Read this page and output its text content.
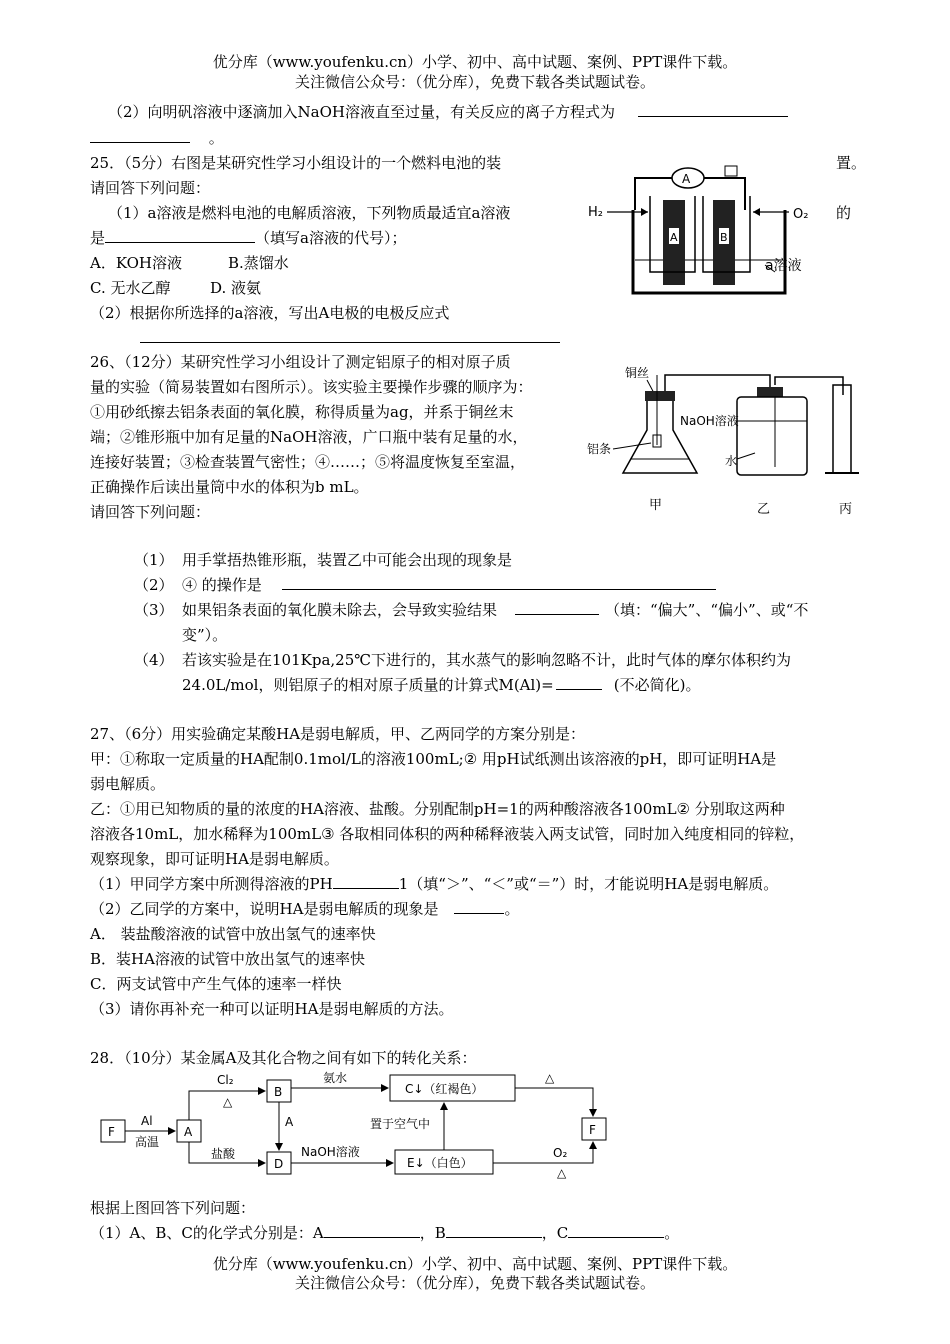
优分库（www.youfenku.cn）小学、初中、高中试题、案例、PPT课件下载。
关注微信公众号：（优分库），免费下载各类试题试卷。
（2）向明矾溶液中逐滴加入NaOH溶液直至过量，有关反应的离子方程式为
。
25．（5分）右图是某研究性学习小组设计的一个燃料电池的装	置。
请回答下列问题：
（1）a溶液是燃料电池的电解质溶液，下列物质最适宜a溶液	的
是	（填写a溶液的代号）；
A．KOH溶液	B.蒸馏水
C. 无水乙醇	D. 液氨
（2）根据你所选择的a溶液，写出A电极的电极反应式
A
A	B
H₂	O₂
a溶液
26、（12分）某研究性学习小组设计了测定铝原子的相对原子质
量的实验（简易装置如右图所示）。该实验主要操作步骤的顺序为：
①用砂纸擦去铝条表面的氧化膜，称得质量为ag，并系于铜丝末
端；②锥形瓶中加有足量的NaOH溶液，广口瓶中装有足量的水，
连接好装置；③检查装置气密性；④……；⑤将温度恢复至室温，
正确操作后读出量筒中水的体积为b mL。
请回答下列问题：
铜丝
铝条
NaOH溶液
水
甲	乙	丙
（1） 用手掌捂热锥形瓶，装置乙中可能会出现的现象是
（2） ④ 的操作是
（3） 如果铝条表面的氧化膜未除去，会导致实验结果	（填：“偏大”、“偏小”、或“不
变”）。
（4） 若该实验是在101Kpa,25℃下进行的，其水蒸气的影响忽略不计，此时气体的摩尔体积约为
24.0L/mol，则铝原子的相对原子质量的计算式M(Al)=	(不必简化)。
27、（6分）用实验确定某酸HA是弱电解质，甲、乙两同学的方案分别是：
甲：①称取一定质量的HA配制0.1mol/L的溶液100mL;② 用pH试纸测出该溶液的pH，即可证明HA是
弱电解质。
乙：①用已知物质的量的浓度的HA溶液、盐酸。分别配制pH=1的两种酸溶液各100mL② 分别取这两种
溶液各10mL，加水稀释为100mL③ 各取相同体积的两种稀释液装入两支试管，同时加入纯度相同的锌粒，
观察现象，即可证明HA是弱电解质。
（1）甲同学方案中所测得溶液的PH	1（填“＞”、“＜”或“＝”）时，才能说明HA是弱电解质。
（2）乙同学的方案中，说明HA是弱电解质的现象是	。
A． 装盐酸溶液的试管中放出氢气的速率快
B．装HA溶液的试管中放出氢气的速率快
C．两支试管中产生气体的速率一样快
（3）请你再补充一种可以证明HA是弱电解质的方法。
28．（10分）某金属A及其化合物之间有如下的转化关系：
F	A
B	C↓（红褐色）
D	E↓（白色）
F
Al
高温
Cl₂
△
盐酸
A
氨水
NaOH溶液
置于空气中
△
O₂
△
根据上图回答下列问题：
（1）A、B、C的化学式分别是：A	，B	，C	。
优分库（www.youfenku.cn）小学、初中、高中试题、案例、PPT课件下载。
关注微信公众号：（优分库），免费下载各类试题试卷。
